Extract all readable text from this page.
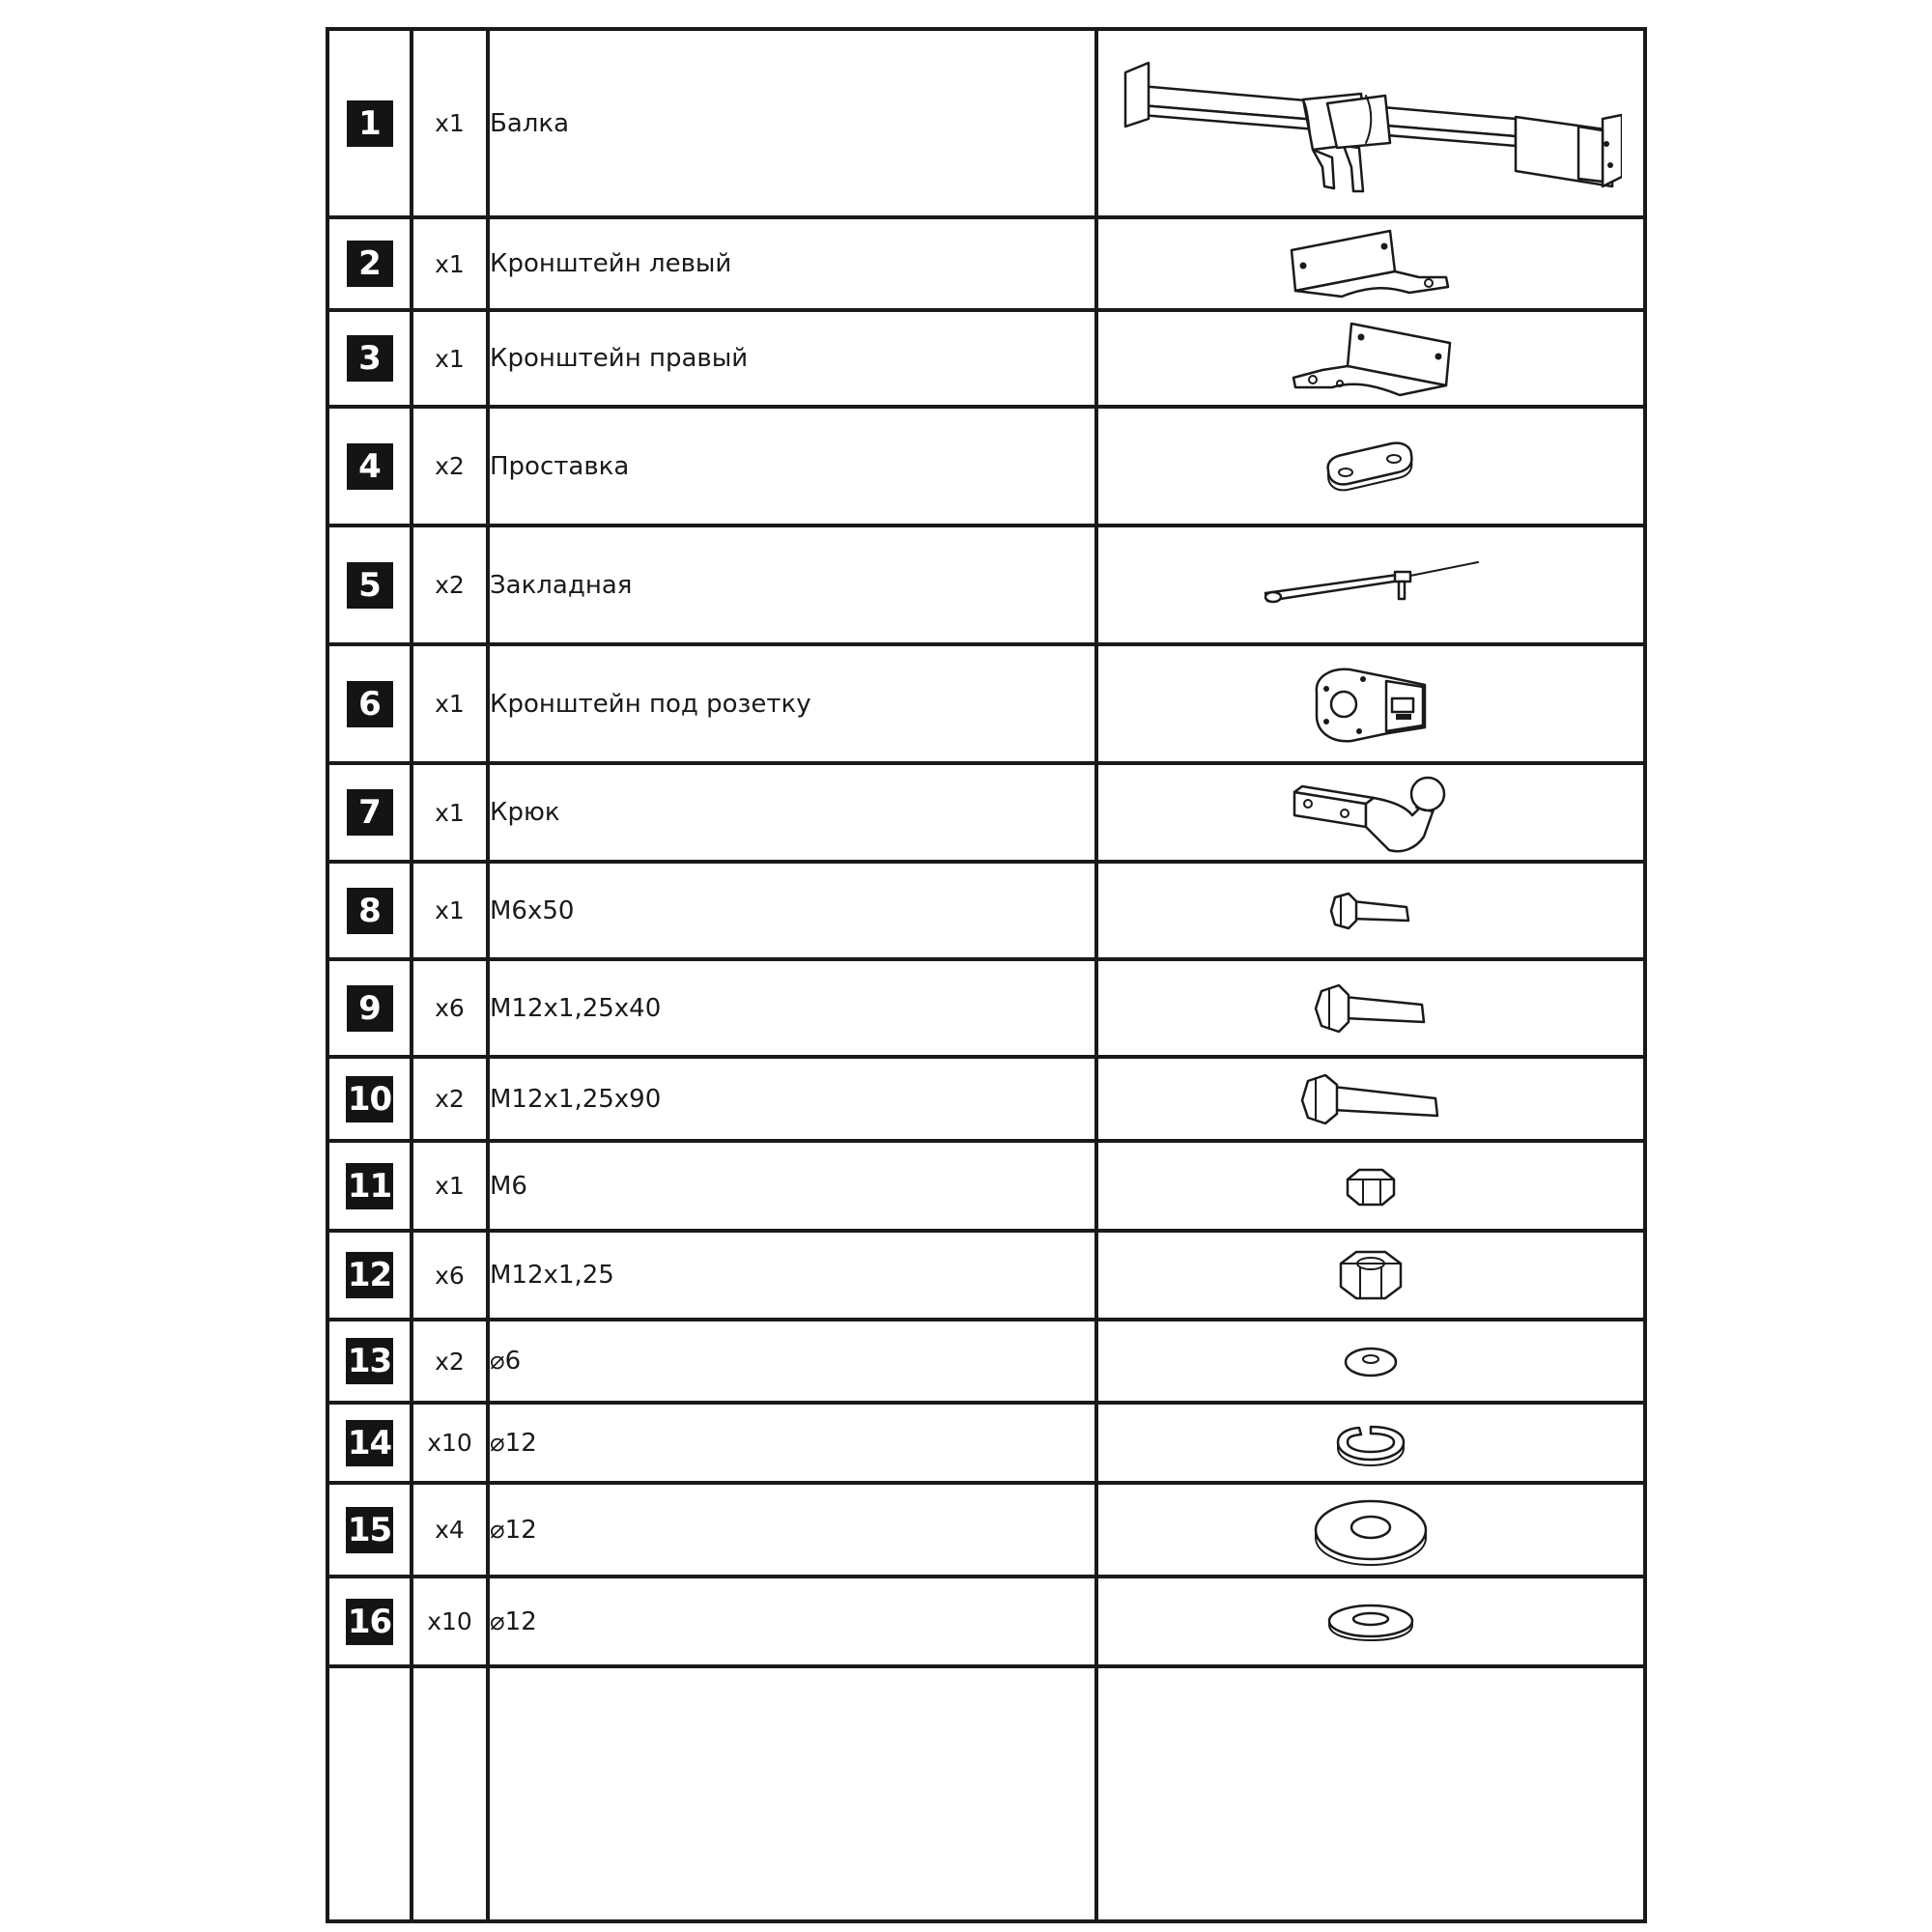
1	x1	Балка	

2	x1	Кронштейн левый	

3	x1	Кронштейн правый	

4	x2	Проставка	

5	x2	Закладная	

6	x1	Кронштейн под розетку	

7	x1	Крюк	

8	x1	M6x50	

9	x6	M12x1,25x40	

10	x2	M12x1,25x90	

11	x1	M6	

12	x6	M12x1,25	

13	x2	⌀6	

14	x10	⌀12	

15	x4	⌀12	

16	x10	⌀12	
